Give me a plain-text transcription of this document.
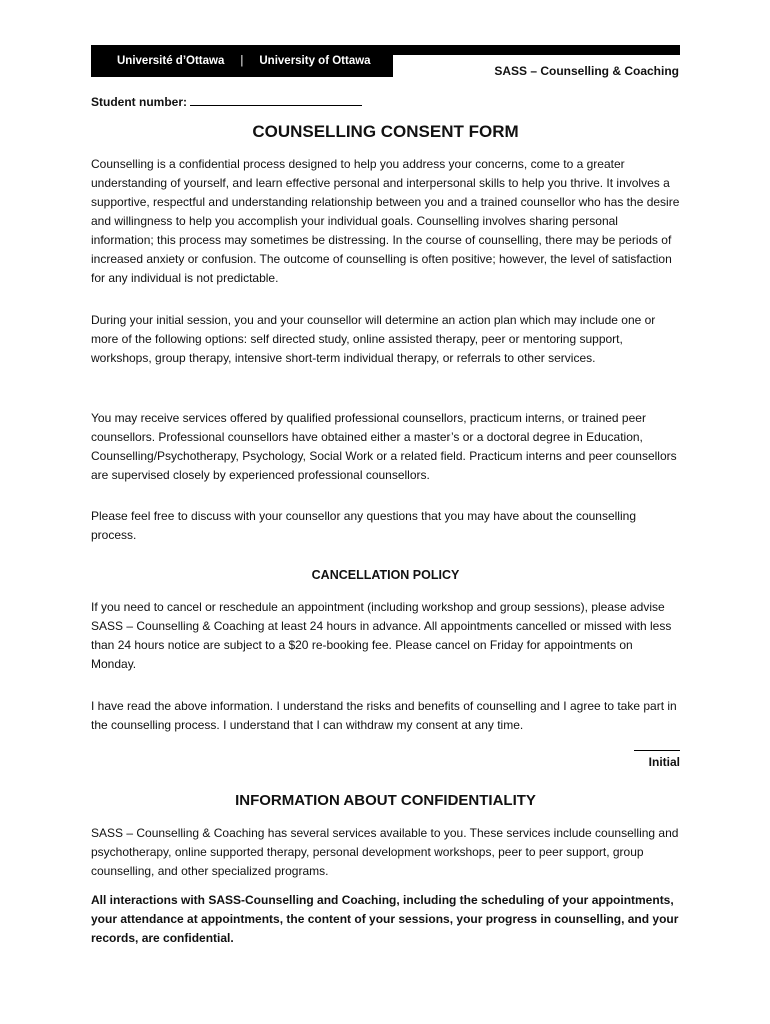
Université d’Ottawa | University of Ottawa
SASS – Counselling & Coaching
Student number:
COUNSELLING CONSENT FORM

Counselling is a confidential process designed to help you address your concerns, come to a greater understanding of yourself, and learn effective personal and interpersonal skills to help you thrive. It involves a supportive, respectful and understanding relationship between you and a trained counsellor who has the desire and willingness to help you accomplish your individual goals. Counselling involves sharing personal information; this process may sometimes be distressing. In the course of counselling, there may be periods of increased anxiety or confusion. The outcome of counselling is often positive; however, the level of satisfaction for any individual is not predictable.

During your initial session, you and your counsellor will determine an action plan which may include one or more of the following options: self directed study, online assisted therapy, peer or mentoring support, workshops, group therapy, intensive short-term individual therapy, or referrals to other services.

You may receive services offered by qualified professional counsellors, practicum interns, or trained peer counsellors. Professional counsellors have obtained either a master’s or a doctoral degree in Education, Counselling/Psychotherapy, Psychology, Social Work or a related field. Practicum interns and peer counsellors are supervised closely by experienced professional counsellors.

Please feel free to discuss with your counsellor any questions that you may have about the counselling process.

CANCELLATION POLICY

If you need to cancel or reschedule an appointment (including workshop and group sessions), please advise SASS – Counselling & Coaching at least 24 hours in advance. All appointments cancelled or missed with less than 24 hours notice are subject to a $20 re-booking fee. Please cancel on Friday for appointments on Monday.

I have read the above information. I understand the risks and benefits of counselling and I agree to take part in the counselling process. I understand that I can withdraw my consent at any time.

Initial
INFORMATION ABOUT CONFIDENTIALITY

SASS – Counselling & Coaching has several services available to you. These services include counselling and psychotherapy, online supported therapy, personal development workshops, peer to peer support, group counselling, and other specialized programs.

All interactions with SASS-Counselling and Coaching, including the scheduling of your appointments, your attendance at appointments, the content of your sessions, your progress in counselling, and your records, are confidential.
